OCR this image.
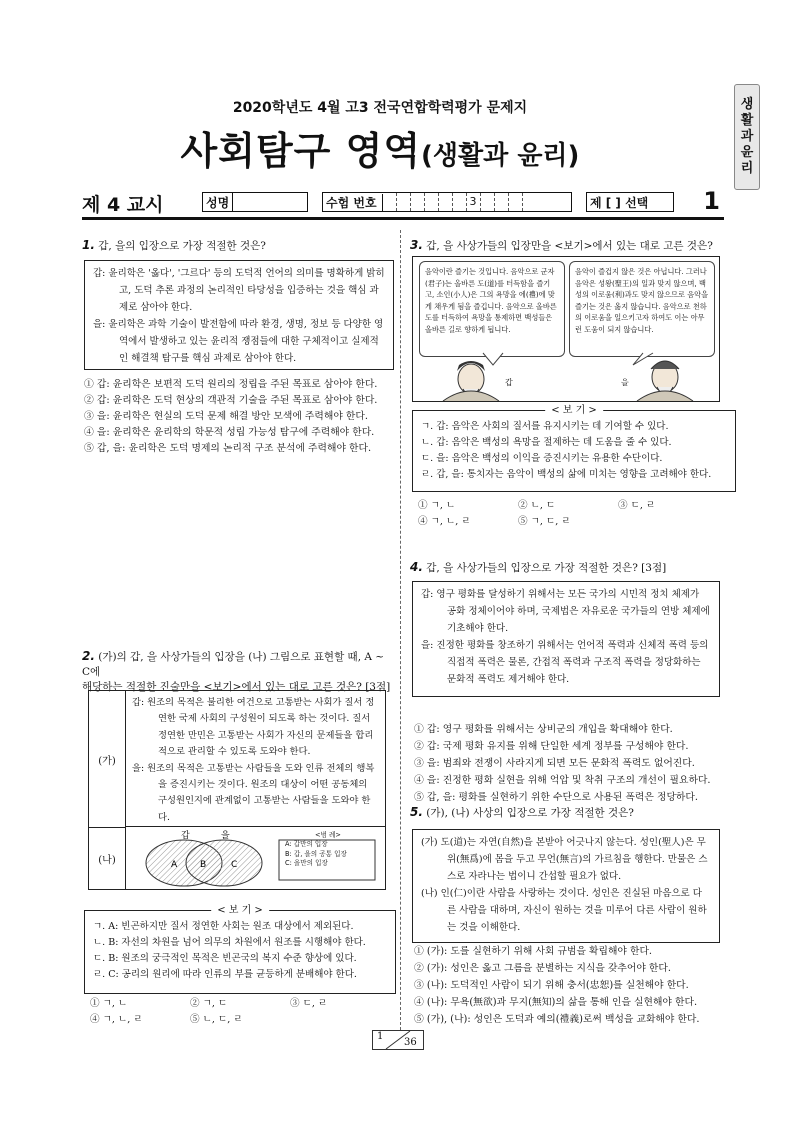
2020학년도 4월 고3 전국연합학력평가 문제지
사회탐구 영역(생활과 윤리)
생활과 윤리
제 4 교시	성명	수험 번호	3	제 [ ] 선택 1
1. 갑, 을의 입장으로 가장 적절한 것은?

갑: 윤리학은 '옳다', '그르다' 등의 도덕적 언어의 의미를 명확하게 밝히고, 도덕 추론 과정의 논리적인 타당성을 입증하는 것을 핵심 과제로 삼아야 한다.

을: 윤리학은 과학 기술이 발전함에 따라 환경, 생명, 정보 등 다양한 영역에서 발생하고 있는 윤리적 쟁점들에 대한 구체적이고 실제적인 해결책 탐구를 핵심 과제로 삼아야 한다.

① 갑: 윤리학은 보편적 도덕 원리의 정립을 주된 목표로 삼아야 한다.
② 갑: 윤리학은 도덕 현상의 객관적 기술을 주된 목표로 삼아야 한다.
③ 을: 윤리학은 현실의 도덕 문제 해결 방안 모색에 주력해야 한다.
④ 을: 윤리학은 윤리학의 학문적 성립 가능성 탐구에 주력해야 한다.
⑤ 갑, 을: 윤리학은 도덕 명제의 논리적 구조 분석에 주력해야 한다.
2. (가)의 갑, 을 사상가들의 입장을 (나) 그림으로 표현할 때, A ~ C에
해당하는 적절한 진술만을 <보기>에서 있는 대로 고른 것은? [3점]
(가)

갑: 원조의 목적은 불리한 여건으로 고통받는 사회가 질서 정연한 국제 사회의 구성원이 되도록 하는 것이다. 질서 정연한 만민은 고통받는 사회가 자신의 문제들을 합리적으로 관리할 수 있도록 도와야 한다.

을: 원조의 목적은 고통받는 사람들을 도와 인류 전체의 행복을 증진시키는 것이다. 원조의 대상이 어떤 공동체의 구성원인지에 관계없이 고통받는 사람들을 도와야 한다.

(나)
갑	을
A	B	C
<범 례>
A: 갑만의 입장
B: 갑, 을의 공통 입장
C: 을만의 입장
< 보 기 >

ㄱ. A: 빈곤하지만 질서 정연한 사회는 원조 대상에서 제외된다.

ㄴ. B: 자선의 차원을 넘어 의무의 차원에서 원조를 시행해야 한다.

ㄷ. B: 원조의 궁극적인 목적은 빈곤국의 복지 수준 향상에 있다.

ㄹ. C: 공리의 원리에 따라 인류의 부를 균등하게 분배해야 한다.

① ㄱ, ㄴ	② ㄱ, ㄷ	③ ㄷ, ㄹ
④ ㄱ, ㄴ, ㄹ	⑤ ㄴ, ㄷ, ㄹ
3. 갑, 을 사상가들의 입장만을 <보기>에서 있는 대로 고른 것은?
음악이란 즐기는 것입니다. 음악으로 군자(君子)는 올바른 도(道)를 터득함을 즐기고, 소인(小人)은 그의 욕망을 에(禮)에 맞게 채우게 됨을 즐깁니다. 음악으로 올바른 도를 터득하여 욕망을 통제하면 백성들은 올바른 길로 향하게 됩니다.
음악이 즐겁지 않은 것은 아닙니다. 그러나 음악은 성왕(聖王)의 일과 맞지 않으며, 백성의 이로움(利)과도 맞지 않으므로 음악을 즐기는 것은 옳지 않습니다. 음악으로 천하의 이로움을 일으키고자 하여도 이는 아무런 도움이 되지 않습니다.
갑	을
< 보 기 >

ㄱ. 갑: 음악은 사회의 질서를 유지시키는 데 기여할 수 있다.

ㄴ. 갑: 음악은 백성의 욕망을 절제하는 데 도움을 줄 수 있다.

ㄷ. 을: 음악은 백성의 이익을 증진시키는 유용한 수단이다.

ㄹ. 갑, 을: 통치자는 음악이 백성의 삶에 미치는 영향을 고려해야 한다.

① ㄱ, ㄴ	② ㄴ, ㄷ	③ ㄷ, ㄹ
④ ㄱ, ㄴ, ㄹ	⑤ ㄱ, ㄷ, ㄹ
4. 갑, 을 사상가들의 입장으로 가장 적절한 것은? [3점]

갑: 영구 평화를 달성하기 위해서는 모든 국가의 시민적 정치 체제가 공화 정체이어야 하며, 국제법은 자유로운 국가들의 연방 체제에 기초해야 한다.

을: 진정한 평화를 창조하기 위해서는 언어적 폭력과 신체적 폭력 등의 직접적 폭력은 물론, 간접적 폭력과 구조적 폭력을 정당화하는 문화적 폭력도 제거해야 한다.

① 갑: 영구 평화를 위해서는 상비군의 개입을 확대해야 한다.
② 갑: 국제 평화 유지를 위해 단일한 세계 정부를 구성해야 한다.
③ 을: 범죄와 전쟁이 사라지게 되면 모든 문화적 폭력도 없어진다.
④ 을: 진정한 평화 실현을 위해 억압 및 착취 구조의 개선이 필요하다.
⑤ 갑, 을: 평화를 실현하기 위한 수단으로 사용된 폭력은 정당하다.
5. (가), (나) 사상의 입장으로 가장 적절한 것은?

(가) 도(道)는 자연(自然)을 본받아 어긋나지 않는다. 성인(聖人)은 무위(無爲)에 몸을 두고 무언(無言)의 가르침을 행한다. 만물은 스스로 자라나는 법이니 간섭할 필요가 없다.

(나) 인(仁)이란 사람을 사랑하는 것이다. 성인은 진실된 마음으로 다른 사람을 대하며, 자신이 원하는 것을 미루어 다른 사람이 원하는 것을 이해한다.

① (가): 도를 실현하기 위해 사회 규범을 확립해야 한다.
② (가): 성인은 옳고 그름을 분별하는 지식을 갖추어야 한다.
③ (나): 도덕적인 사람이 되기 위해 충서(忠恕)를 실천해야 한다.
④ (나): 무욕(無欲)과 무지(無知)의 삶을 통해 인을 실현해야 한다.
⑤ (가), (나): 성인은 도덕과 예의(禮義)로써 백성을 교화해야 한다.
1
36
